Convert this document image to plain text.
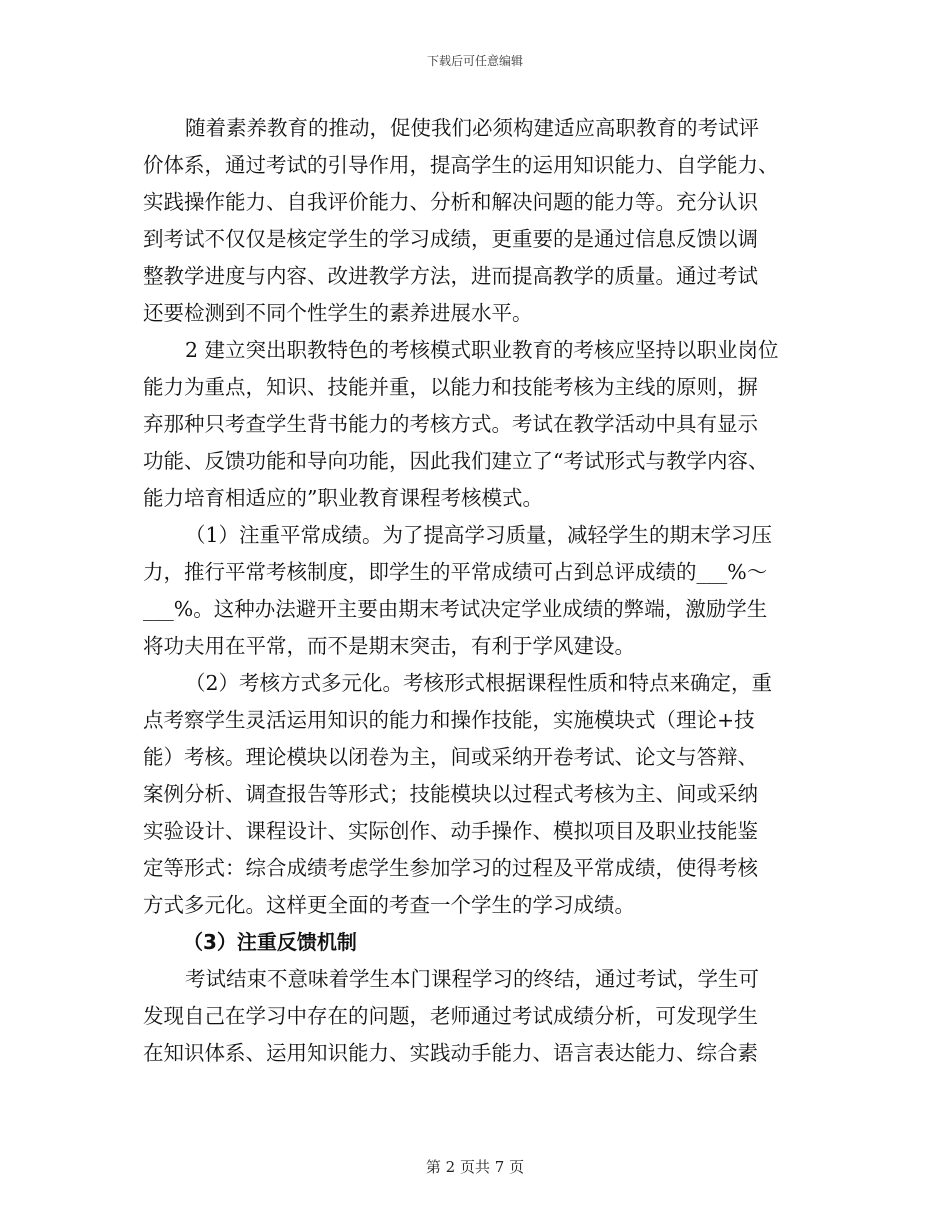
下载后可任意编辑
随着素养教育的推动，促使我们必须构建适应高职教育的考试评
价体系，通过考试的引导作用，提高学生的运用知识能力、自学能力、
实践操作能力、自我评价能力、分析和解决问题的能力等。充分认识
到考试不仅仅是核定学生的学习成绩，更重要的是通过信息反馈以调
整教学进度与内容、改进教学方法，进而提高教学的质量。通过考试
还要检测到不同个性学生的素养进展水平。
2 建立突出职教特色的考核模式职业教育的考核应坚持以职业岗位
能力为重点，知识、技能并重，以能力和技能考核为主线的原则，摒
弃那种只考查学生背书能力的考核方式。考试在教学活动中具有显示
功能、反馈功能和导向功能，因此我们建立了“考试形式与教学内容、
能力培育相适应的”职业教育课程考核模式。
（1）注重平常成绩。为了提高学习质量，减轻学生的期末学习压
力，推行平常考核制度，即学生的平常成绩可占到总评成绩的___%～
___%。这种办法避开主要由期末考试决定学业成绩的弊端，激励学生
将功夫用在平常，而不是期末突击，有利于学风建设。
（2）考核方式多元化。考核形式根据课程性质和特点来确定，重
点考察学生灵活运用知识的能力和操作技能，实施模块式（理论+技
能）考核。理论模块以闭卷为主，间或采纳开卷考试、论文与答辩、
案例分析、调查报告等形式；技能模块以过程式考核为主、间或采纳
实验设计、课程设计、实际创作、动手操作、模拟项目及职业技能鉴
定等形式：综合成绩考虑学生参加学习的过程及平常成绩，使得考核
方式多元化。这样更全面的考查一个学生的学习成绩。
（3）注重反馈机制
考试结束不意味着学生本门课程学习的终结，通过考试，学生可
发现自己在学习中存在的问题，老师通过考试成绩分析，可发现学生
在知识体系、运用知识能力、实践动手能力、语言表达能力、综合素
第 2 页共 7 页
